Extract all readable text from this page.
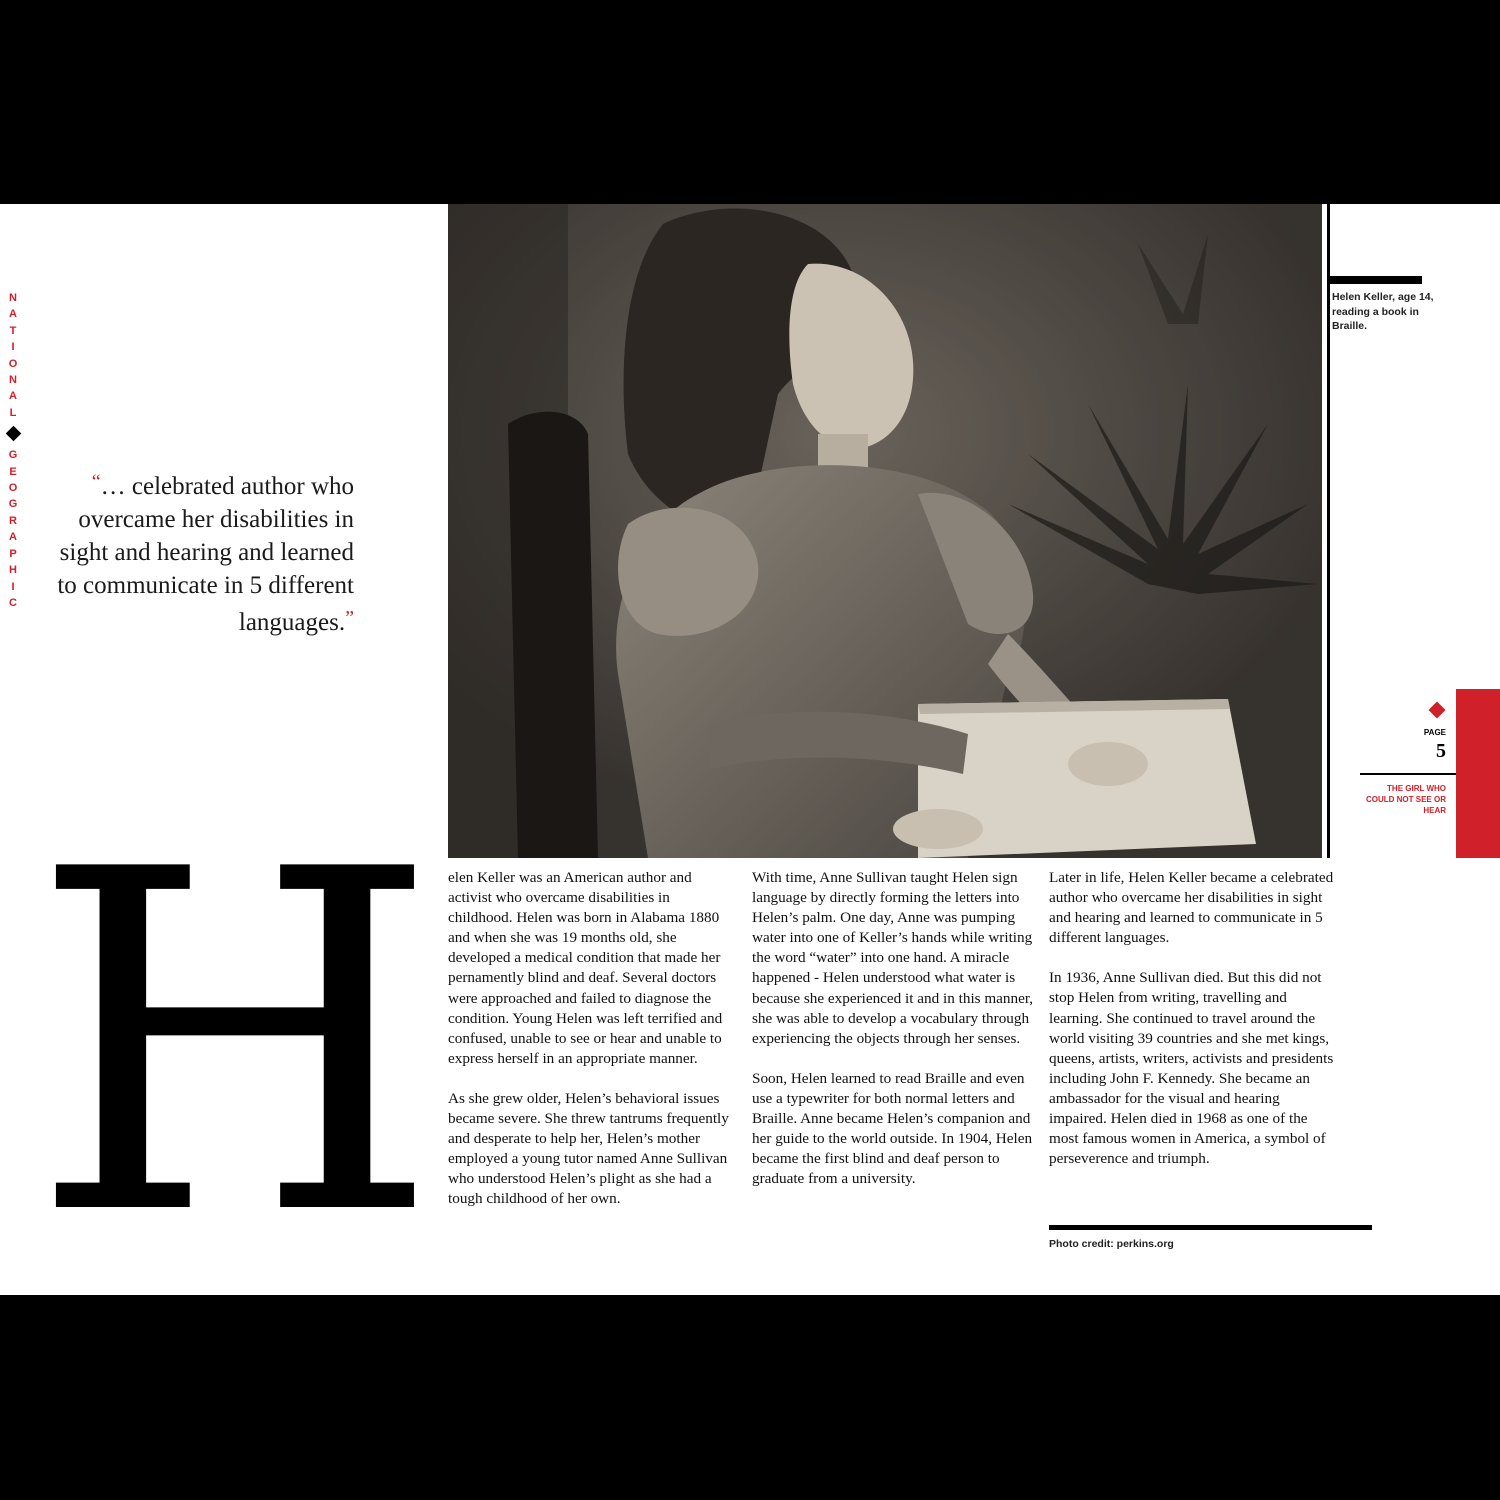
N
A
T
I
O
N
A
L
G
E
O
G
R
A
P
H
I
C
“… celebrated author who overcame her disabilities in sight and hearing and learned to communicate in 5 different languages.”
Helen Keller, age 14, reading a book in Braille.
PAGE
5
THE GIRL WHO COULD NOT SEE OR HEAR
H elen Keller was an American author and activist who overcame disabilities in childhood. Helen was born in Alabama 1880 and when she was 19 months old, she developed a medical condition that made her pernamently blind and deaf. Several doctors were approached and failed to diagnose the condition. Young Helen was left terrified and confused, unable to see or hear and unable to express herself in an appropriate manner.

As she grew older, Helen’s behavioral issues became severe. She threw tantrums frequently and desperate to help her, Helen’s mother employed a young tutor named Anne Sullivan who understood Helen’s plight as she had a tough childhood of her own.

With time, Anne Sullivan taught Helen sign language by directly forming the letters into Helen’s palm. One day, Anne was pumping water into one of Keller’s hands while writing the word “water” into one hand. A miracle happened - Helen understood what water is because she experienced it and in this manner, she was able to develop a vocabulary through experiencing the objects through her senses.

Soon, Helen learned to read Braille and even use a typewriter for both normal letters and Braille. Anne became Helen’s companion and her guide to the world outside. In 1904, Helen became the first blind and deaf person to graduate from a university.

Later in life, Helen Keller became a celebrated author who overcame her disabilities in sight and hearing and learned to communicate in 5 different languages.

In 1936, Anne Sullivan died. But this did not stop Helen from writing, travelling and learning. She continued to travel around the world visiting 39 countries and she met kings, queens, artists, writers, activists and presidents including John F. Kennedy. She became an ambassador for the visual and hearing impaired. Helen died in 1968 as one of the most famous women in America, a symbol of perseverence and triumph.

Photo credit: perkins.org
